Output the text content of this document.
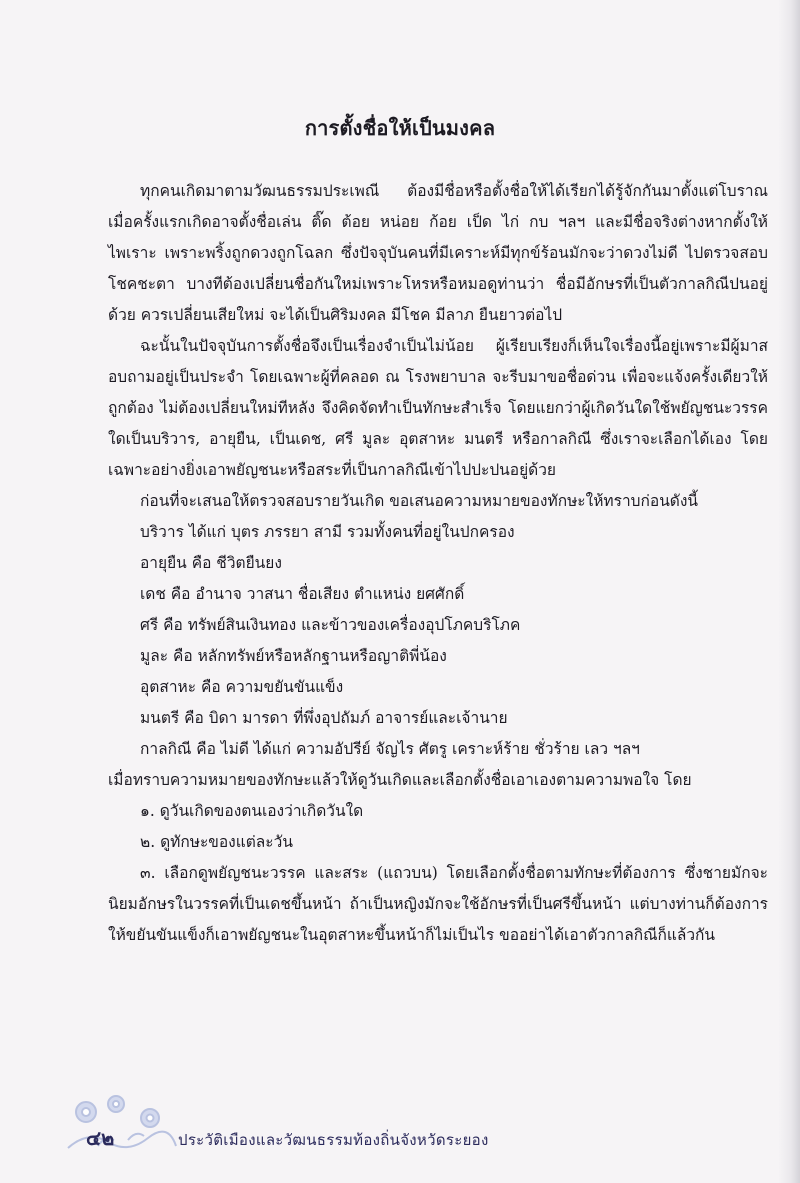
การตั้งชื่อให้เป็นมงคล

ทุกคนเกิดมาตามวัฒนธรรมประเพณี ต้องมีชื่อหรือตั้งชื่อให้ได้เรียกได้รู้จักกันมาตั้งแต่โบราณ เมื่อครั้งแรกเกิดอาจตั้งชื่อเล่น ติ๊ด ต้อย หน่อย ก้อย เป็ด ไก่ กบ ฯลฯ และมีชื่อจริงต่างหากตั้งให้ไพเราะ เพราะพริ้งถูกดวงถูกโฉลก ซึ่งปัจจุบันคนที่มีเคราะห์มีทุกข์ร้อนมักจะว่าดวงไม่ดี ไปตรวจสอบโชคชะตา บางทีต้องเปลี่ยนชื่อกันใหม่เพราะโหรหรือหมอดูท่านว่า ชื่อมีอักษรที่เป็นตัวกาลกิณีปนอยู่ด้วย ควรเปลี่ยนเสียใหม่ จะได้เป็นศิริมงคล มีโชค มีลาภ ยืนยาวต่อไป

ฉะนั้นในปัจจุบันการตั้งชื่อจึงเป็นเรื่องจำเป็นไม่น้อย ผู้เรียบเรียงก็เห็นใจเรื่องนี้อยู่เพราะมีผู้มาสอบถามอยู่เป็นประจำ โดยเฉพาะผู้ที่คลอด ณ โรงพยาบาล จะรีบมาขอชื่อด่วน เพื่อจะแจ้งครั้งเดียวให้ถูกต้อง ไม่ต้องเปลี่ยนใหม่ทีหลัง จึงคิดจัดทำเป็นทักษะสำเร็จ โดยแยกว่าผู้เกิดวันใดใช้พยัญชนะวรรคใดเป็นบริวาร, อายุยืน, เป็นเดช, ศรี มูละ อุตสาหะ มนตรี หรือกาลกิณี ซึ่งเราจะเลือกได้เอง โดยเฉพาะอย่างยิ่งเอาพยัญชนะหรือสระที่เป็นกาลกิณีเข้าไปปะปนอยู่ด้วย

ก่อนที่จะเสนอให้ตรวจสอบรายวันเกิด ขอเสนอความหมายของทักษะให้ทราบก่อนดังนี้

บริวาร ได้แก่ บุตร ภรรยา สามี รวมทั้งคนที่อยู่ในปกครอง

อายุยืน คือ ชีวิตยืนยง

เดช คือ อำนาจ วาสนา ชื่อเสียง ตำแหน่ง ยศศักดิ์

ศรี คือ ทรัพย์สินเงินทอง และข้าวของเครื่องอุปโภคบริโภค

มูละ คือ หลักทรัพย์หรือหลักฐานหรือญาติพี่น้อง

อุตสาหะ คือ ความขยันขันแข็ง

มนตรี คือ บิดา มารดา ที่พึ่งอุปถัมภ์ อาจารย์และเจ้านาย

กาลกิณี คือ ไม่ดี ได้แก่ ความอัปรีย์ จัญไร ศัตรู เคราะห์ร้าย ชั่วร้าย เลว ฯลฯ

เมื่อทราบความหมายของทักษะแล้วให้ดูวันเกิดและเลือกตั้งชื่อเอาเองตามความพอใจ โดย

๑. ดูวันเกิดของตนเองว่าเกิดวันใด

๒. ดูทักษะของแต่ละวัน

๓. เลือกดูพยัญชนะวรรค และสระ (แถวบน) โดยเลือกตั้งชื่อตามทักษะที่ต้องการ ซึ่งชายมักจะนิยมอักษรในวรรคที่เป็นเดชขึ้นหน้า ถ้าเป็นหญิงมักจะใช้อักษรที่เป็นศรีขึ้นหน้า แต่บางท่านก็ต้องการให้ขยันขันแข็งก็เอาพยัญชนะในอุตสาหะขึ้นหน้าก็ไม่เป็นไร ขออย่าได้เอาตัวกาลกิณีก็แล้วกัน

๔๒	ประวัติเมืองและวัฒนธรรมท้องถิ่นจังหวัดระยอง
